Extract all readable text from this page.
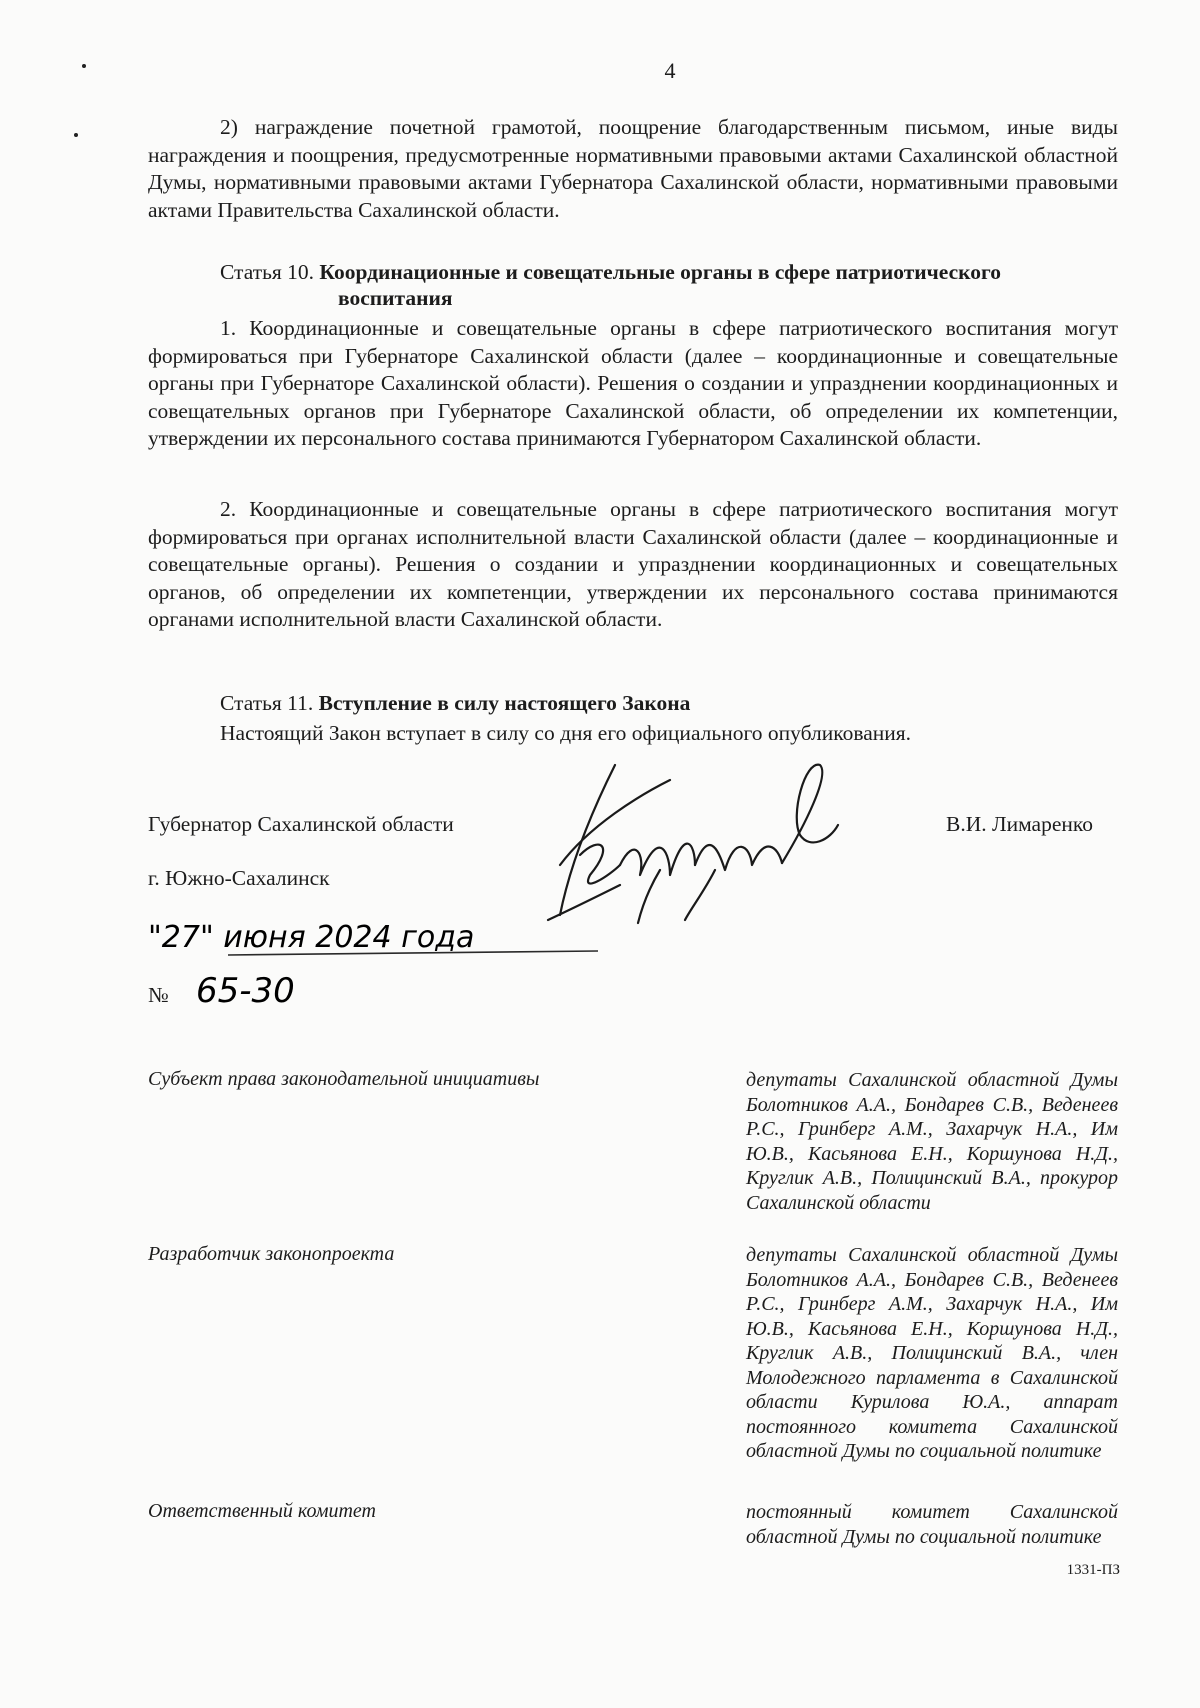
4

2) награждение почетной грамотой, поощрение благодарственным письмом, иные виды награждения и поощрения, предусмотренные нормативными правовыми актами Сахалинской областной Думы, нормативными правовыми актами Губернатора Сахалинской области, нормативными правовыми актами Правительства Сахалинской области.

Статья 10. Координационные и совещательные органы в сфере патриотического
воспитания

1. Координационные и совещательные органы в сфере патриотического воспитания могут формироваться при Губернаторе Сахалинской области (далее – координационные и совещательные органы при Губернаторе Сахалинской области). Решения о создании и упразднении координационных и совещательных органов при Губернаторе Сахалинской области, об определении их компетенции, утверждении их персонального состава принимаются Губернатором Сахалинской области.

2. Координационные и совещательные органы в сфере патриотического воспитания могут формироваться при органах исполнительной власти Сахалинской области (далее – координационные и совещательные органы). Решения о создании и упразднении координационных и совещательных органов, об определении их компетенции, утверждении их персонального состава принимаются органами исполнительной власти Сахалинской области.

Статья 11. Вступление в силу настоящего Закона
Настоящий Закон вступает в силу со дня его официального опубликования.
Губернатор Сахалинской области	В.И. Лимаренко
г. Южно-Сахалинск
"27" июня 2024 года
№ 65-30
Субъект права законодательной инициативы	депутаты Сахалинской областной Думы Болотников А.А., Бондарев С.В., Веденеев Р.С., Гринберг А.М., Захарчук Н.А., Им Ю.В., Касьянова Е.Н., Коршунова Н.Д., Круглик А.В., Полицинский В.А., прокурор Сахалинской области

Разработчик законопроекта	депутаты Сахалинской областной Думы Болотников А.А., Бондарев С.В., Веденеев Р.С., Гринберг А.М., Захарчук Н.А., Им Ю.В., Касьянова Е.Н., Коршунова Н.Д., Круглик А.В., Полицинский В.А., член Молодежного парламента в Сахалинской области Курилова Ю.А., аппарат постоянного комитета Сахалинской областной Думы по социальной политике

Ответственный комитет	постоянный комитет Сахалинской областной Думы по социальной политике

1331-ПЗ
